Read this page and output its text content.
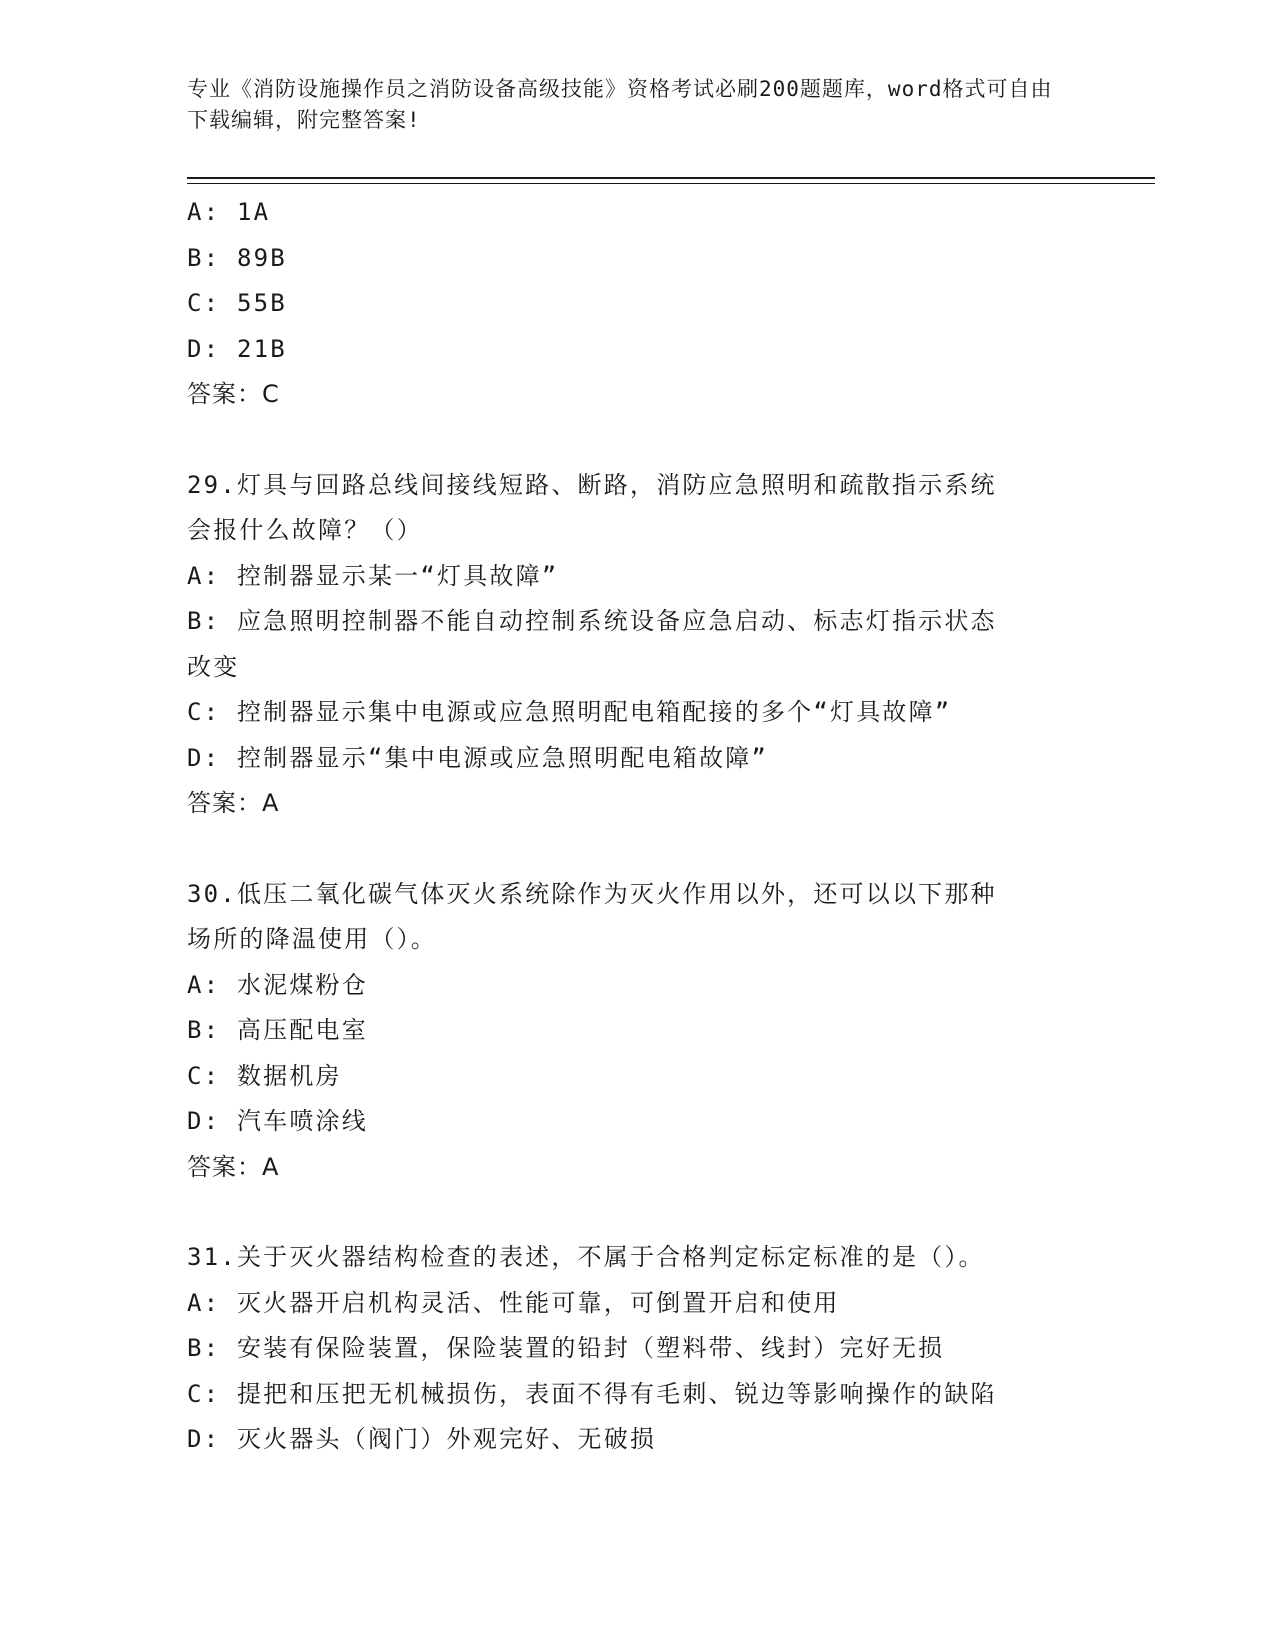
专业《消防设施操作员之消防设备高级技能》资格考试必刷200题题库，word格式可自由下载编辑，附完整答案!
A: 1A
B: 89B
C: 55B
D: 21B
答案：C
29.灯具与回路总线间接线短路、断路，消防应急照明和疏散指示系统
会报什么故障？（）
A: 控制器显示某一“灯具故障”
B: 应急照明控制器不能自动控制系统设备应急启动、标志灯指示状态
改变
C: 控制器显示集中电源或应急照明配电箱配接的多个“灯具故障”
D: 控制器显示“集中电源或应急照明配电箱故障”
答案：A
30.低压二氧化碳气体灭火系统除作为灭火作用以外，还可以以下那种
场所的降温使用（）。
A: 水泥煤粉仓
B: 高压配电室
C: 数据机房
D: 汽车喷涂线
答案：A
31.关于灭火器结构检查的表述，不属于合格判定标定标准的是（）。
A: 灭火器开启机构灵活、性能可靠，可倒置开启和使用
B: 安装有保险装置，保险装置的铅封（塑料带、线封）完好无损
C: 提把和压把无机械损伤，表面不得有毛刺、锐边等影响操作的缺陷
D: 灭火器头（阀门）外观完好、无破损
